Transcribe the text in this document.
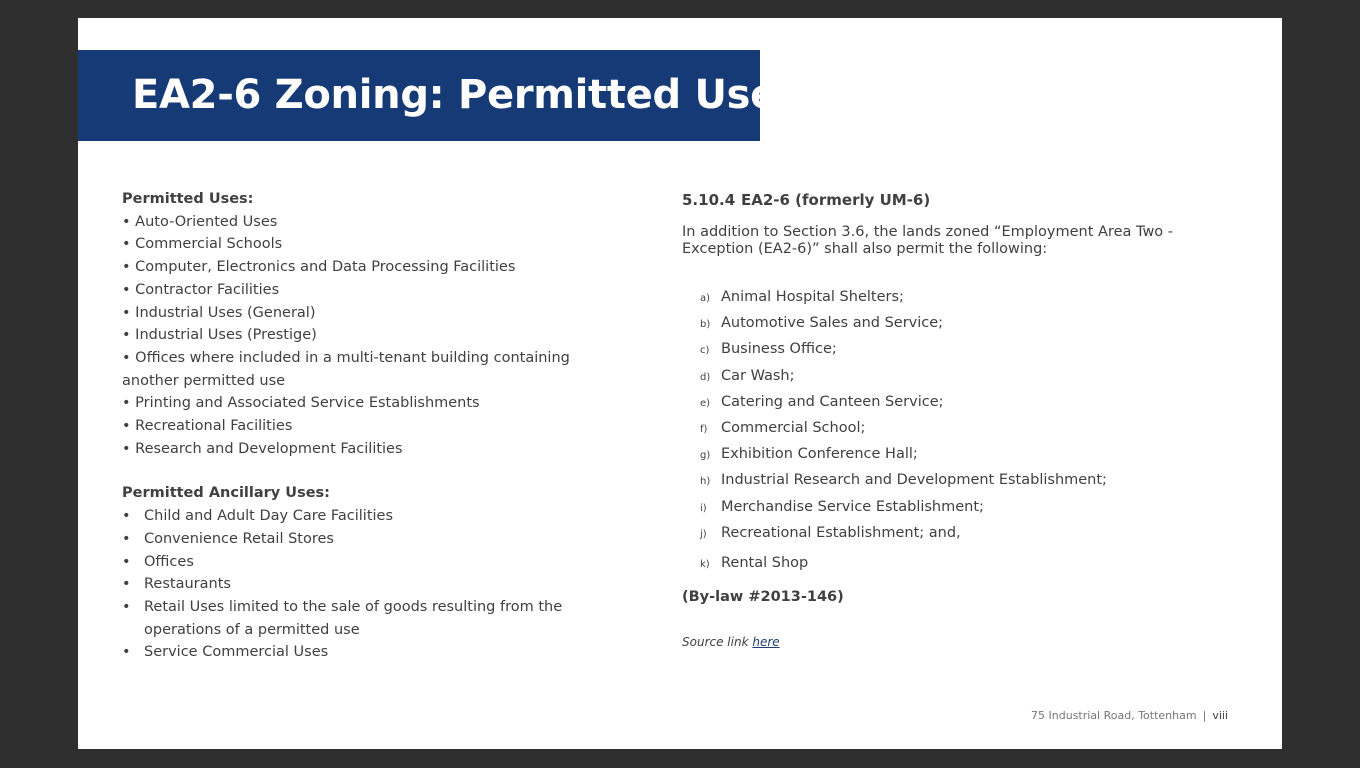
EA2-6 Zoning: Permitted Uses
Permitted Uses:

• Auto-Oriented Uses

• Commercial Schools

• Computer, Electronics and Data Processing Facilities

• Contractor Facilities

• Industrial Uses (General)

• Industrial Uses (Prestige)

• Offices where included in a multi-tenant building containing another permitted use

• Printing and Associated Service Establishments

• Recreational Facilities

• Research and Development Facilities

Permitted Ancillary Uses:
• Child and Adult Day Care Facilities
• Convenience Retail Stores
• Offices
• Restaurants
• Retail Uses limited to the sale of goods resulting from the operations of a permitted use
• Service Commercial Uses
5.10.4 EA2-6 (formerly UM-6)
In addition to Section 3.6, the lands zoned “Employment Area Two - Exception (EA2-6)” shall also permit the following:
a) Animal Hospital Shelters;
b) Automotive Sales and Service;
c) Business Office;
d) Car Wash;
e) Catering and Canteen Service;
f) Commercial School;
g) Exhibition Conference Hall;
h) Industrial Research and Development Establishment;
i) Merchandise Service Establishment;
j) Recreational Establishment; and,
k) Rental Shop
(By-law #2013-146)
Source link here
75 Industrial Road, Tottenham | viii
